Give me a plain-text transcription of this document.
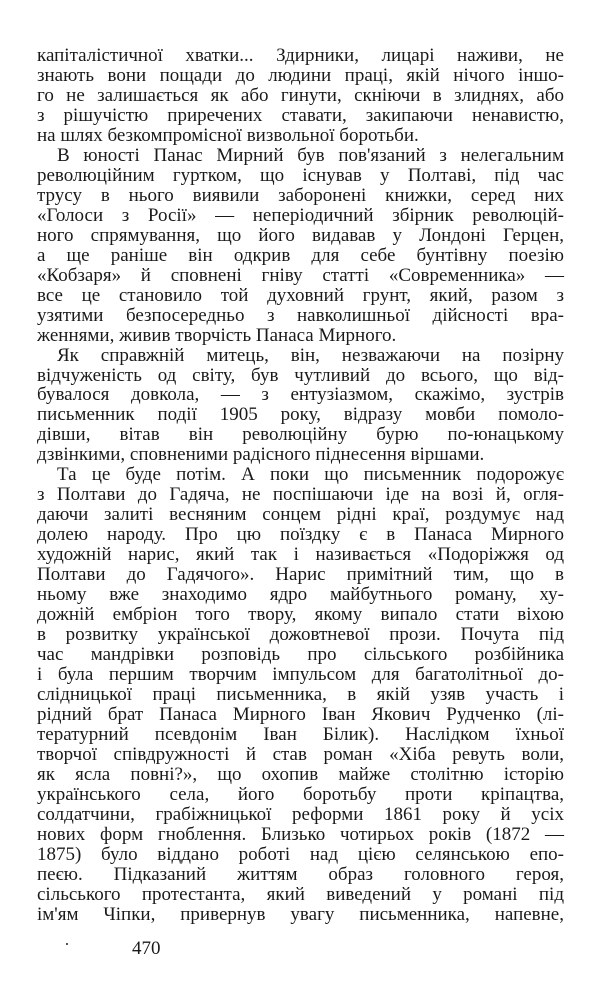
капіталістичної хватки... Здирники, лицарі наживи, не
знають вони пощади до людини праці, якій нічого іншо-
го не залишається як або гинути, скніючи в злиднях, або
з рішучістю приречених ставати, закипаючи ненавистю,
на шлях безкомпромісної визвольної боротьби.
В юності Панас Мирний був пов'язаний з нелегальним
революційним гуртком, що існував у Полтаві, під час
трусу в нього виявили заборонені книжки, серед них
«Голоси з Росії» — неперіодичний збірник революцій-
ного спрямування, що його видавав у Лондоні Герцен,
а ще раніше він одкрив для себе бунтівну поезію
«Кобзаря» й сповнені гніву статті «Современника» —
все це становило той духовний грунт, який, разом з
узятими безпосередньо з навколишньої дійсності вра-
женнями, живив творчість Панаса Мирного.
Як справжній митець, він, незважаючи на позірну
відчуженість од світу, був чутливий до всього, що від-
бувалося довкола, — з ентузіазмом, скажімо, зустрів
письменник події 1905 року, відразу мовби помоло-
дівши, вітав він революційну бурю по-юнацькому
дзвінкими, сповненими радісного піднесення віршами.
Та це буде потім. А поки що письменник подорожує
з Полтави до Гадяча, не поспішаючи іде на возі й, огля-
даючи залиті весняним сонцем рідні краї, роздумує над
долею народу. Про цю поїздку є в Панаса Мирного
художній нарис, який так і називається «Подоріжжя од
Полтави до Гадячого». Нарис примітний тим, що в
ньому вже знаходимо ядро майбутнього роману, ху-
дожній ембріон того твору, якому випало стати віхою
в розвитку української дожовтневої прози. Почута під
час мандрівки розповідь про сільського розбійника
і була першим творчим імпульсом для багатолітньої до-
слідницької праці письменника, в якій узяв участь і
рідний брат Панаса Мирного Іван Якович Рудченко (лі-
тературний псевдонім Іван Білик). Наслідком їхньої
творчої співдружності й став роман «Хіба ревуть воли,
як ясла повні?», що охопив майже столітню історію
українського села, його боротьбу проти кріпацтва,
солдатчини, грабіжницької реформи 1861 року й усіх
нових форм гноблення. Близько чотирьох років (1872 —
1875) було віддано роботі над цією селянською епо-
пеєю. Підказаний життям образ головного героя,
сільського протестанта, який виведений у романі під
ім'ям Чіпки, привернув увагу письменника, напевне,
470
